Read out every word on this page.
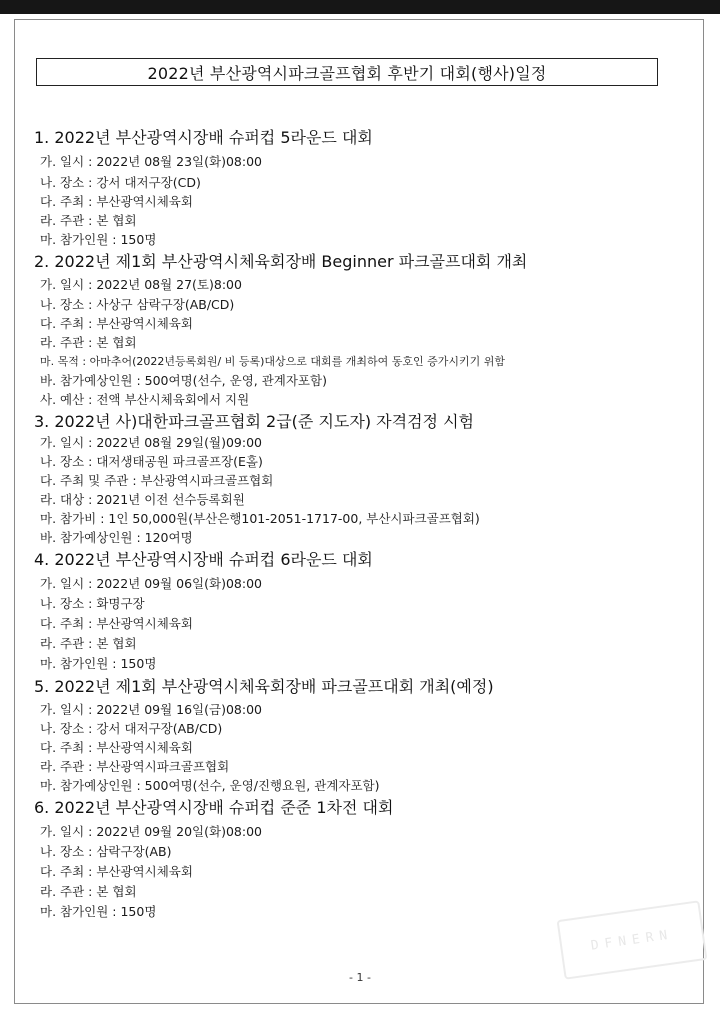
2022년 부산광역시파크골프협회 후반기 대회(행사)일정
1. 2022년 부산광역시장배 슈퍼컵 5라운드 대회
가. 일시 : 2022년 08월 23일(화)08:00
나. 장소 : 강서 대저구장(CD)
다. 주최 : 부산광역시체육회
라. 주관 : 본 협회
마. 참가인원 : 150명
2. 2022년 제1회 부산광역시체육회장배 Beginner 파크골프대회 개최
가. 일시 : 2022년 08월 27(토)8:00
나. 장소 : 사상구 삼락구장(AB/CD)
다. 주최 : 부산광역시체육회
라. 주관 : 본 협회
마. 목적 : 아마추어(2022년등록회원/ 비 등록)대상으로 대회를 개최하여 동호인 증가시키기 위함
바. 참가예상인원 : 500여명(선수, 운영, 관계자포함)
사. 예산 : 전액 부산시체육회에서 지원
3. 2022년 사)대한파크골프협회 2급(준 지도자) 자격검정 시험
가. 일시 : 2022년 08월 29일(월)09:00
나. 장소 : 대저생태공원 파크골프장(E홀)
다. 주최 및 주관 : 부산광역시파크골프협회
라. 대상 : 2021년 이전 선수등록회원
마. 참가비 : 1인 50,000원(부산은행101-2051-1717-00, 부산시파크골프협회)
바. 참가예상인원 : 120여명
4. 2022년 부산광역시장배 슈퍼컵 6라운드 대회
가. 일시 : 2022년 09월 06일(화)08:00
나. 장소 : 화명구장
다. 주최 : 부산광역시체육회
라. 주관 : 본 협회
마. 참가인원 : 150명
5. 2022년 제1회 부산광역시체육회장배 파크골프대회 개최(예정)
가. 일시 : 2022년 09월 16일(금)08:00
나. 장소 : 강서 대저구장(AB/CD)
다. 주최 : 부산광역시체육회
라. 주관 : 부산광역시파크골프협회
마. 참가예상인원 : 500여명(선수, 운영/진행요원, 관계자포함)
6. 2022년 부산광역시장배 슈퍼컵 준준 1차전 대회
가. 일시 : 2022년 09월 20일(화)08:00
나. 장소 : 삼락구장(AB)
다. 주최 : 부산광역시체육회
라. 주관 : 본 협회
마. 참가인원 : 150명
DFNERN
- 1 -
